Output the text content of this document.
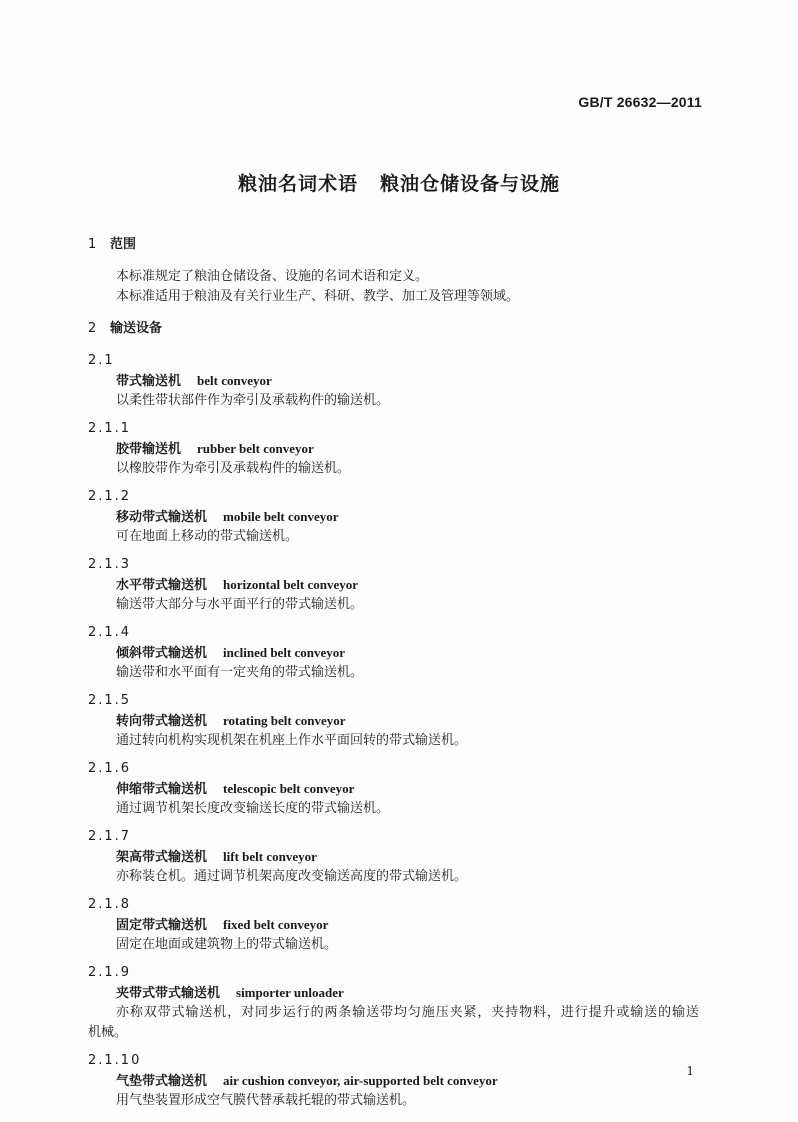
GB/T 26632—2011
粮油名词术语 粮油仓储设备与设施
1 范围
本标准规定了粮油仓储设备、设施的名词术语和定义。
本标准适用于粮油及有关行业生产、科研、教学、加工及管理等领域。
2 输送设备
2.1
带式输送机 belt conveyor
以柔性带状部件作为牵引及承载构件的输送机。
2.1.1
胶带输送机 rubber belt conveyor
以橡胶带作为牵引及承载构件的输送机。
2.1.2
移动带式输送机 mobile belt conveyor
可在地面上移动的带式输送机。
2.1.3
水平带式输送机 horizontal belt conveyor
输送带大部分与水平面平行的带式输送机。
2.1.4
倾斜带式输送机 inclined belt conveyor
输送带和水平面有一定夹角的带式输送机。
2.1.5
转向带式输送机 rotating belt conveyor
通过转向机构实现机架在机座上作水平面回转的带式输送机。
2.1.6
伸缩带式输送机 telescopic belt conveyor
通过调节机架长度改变输送长度的带式输送机。
2.1.7
架高带式输送机 lift belt conveyor
亦称装仓机。通过调节机架高度改变输送高度的带式输送机。
2.1.8
固定带式输送机 fixed belt conveyor
固定在地面或建筑物上的带式输送机。
2.1.9
夹带式带式输送机 simporter unloader
亦称双带式输送机，对同步运行的两条输送带均匀施压夹紧，夹持物料，进行提升或输送的输送
机械。
2.1.10
气垫带式输送机 air cushion conveyor, air-supported belt conveyor
用气垫装置形成空气膜代替承载托辊的带式输送机。
1
